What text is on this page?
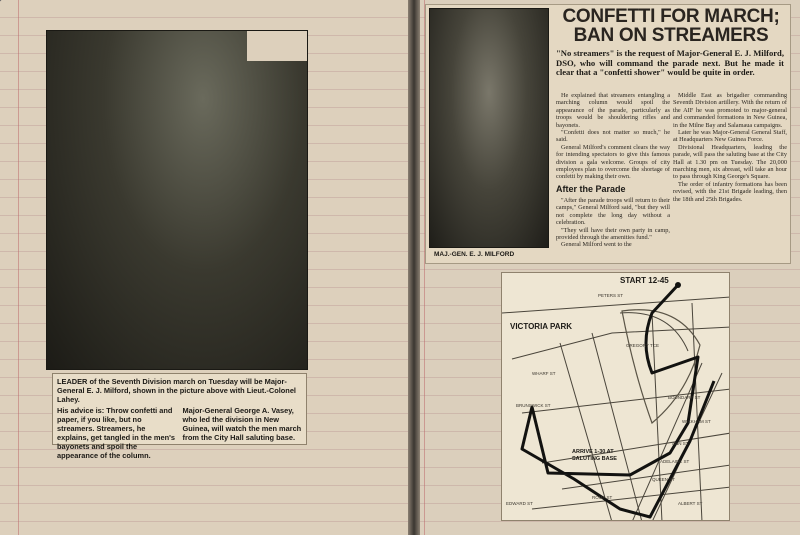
LEADER of the Seventh Division march on Tuesday will be Major-General E. J. Milford, shown in the picture above with Lieut.-Colonel Lahey.

His advice is: Throw confetti and paper, if you like, but no streamers. Streamers, he explains, get tangled in the men's bayonets and spoil the appearance of the column.

Major-General George A. Vasey, who led the division in New Guinea, will watch the men march from the City Hall saluting base.

MAJ.-GEN. E. J. MILFORD
CONFETTI FOR MARCH;
BAN ON STREAMERS
"No streamers" is the request of Major-General E. J. Milford, DSO, who will command the parade next. But he made it clear that a "confetti shower" would be quite in order.

He explained that streamers entangling a marching column would spoil the appearance of the parade, particularly as troops would be shouldering rifles and bayonets.

"Confetti does not matter so much," he said.

General Milford's comment clears the way for intending spectators to give this famous division a gala welcome. Groups of city employees plan to overcome the shortage of confetti by making their own.

After the Parade

"After the parade troops will return to their camps," General Milford said, "but they will not complete the long day without a celebration.

"They will have their own party in camp, provided through the amenities fund."

General Milford went to the

Middle East as brigadier commanding Seventh Division artillery. With the return of the AIF he was promoted to major-general and commanded formations in New Guinea, in the Milne Bay and Salamaua campaigns.

Later he was Major-General General Staff, at Headquarters New Guinea Force.

Divisional Headquarters, leading the parade, will pass the saluting base at the City Hall at 1.30 pm on Tuesday. The 20,000 marching men, six abreast, will take an hour to pass through King George's Square.

The order of infantry formations has been revised, with the 21st Brigade leading, then the 18th and 25th Brigades.

START 12-45
VICTORIA PARK
ARRIVE 1-30 AT SALUTING BASE
PETERS ST
GREGORY TCE
BOUNDARY ST
WICKHAM ST
ANN ST
ADELAIDE ST
QUEEN ST
ALBERT ST
ROMA ST
EDWARD ST
BRUNSWICK ST
WHARF ST
